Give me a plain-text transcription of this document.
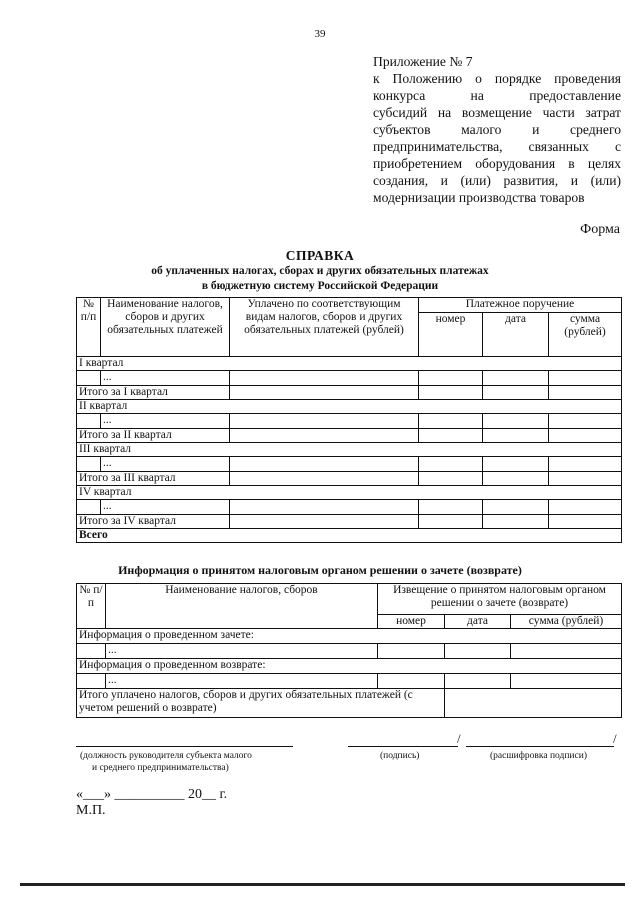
39
Приложение № 7
к Положению о порядке проведения
конкурса на предоставление
субсидий на возмещение части затрат
субъектов малого и среднего
предпринимательства, связанных с
приобретением оборудования в целях
создания, и (или) развития, и (или)
модернизации производства товаров
Форма
СПРАВКА
об уплаченных налогах, сборах и других обязательных платежах
в бюджетную систему Российской Федерации
№ п/п	Наименование налогов, сборов и других обязательных платежей	Уплачено по соответствующим видам налогов, сборов и других обязательных платежей (рублей)	Платежное поручение		
			номер	дата	сумма (рублей)
I квартал					
	...				
Итого за I квартал					
II квартал					
	...				
Итого за II квартал					
III квартал					
	...				
Итого за III квартал					
IV квартал					
	...				
Итого за IV квартал					
Всего					
Информация о принятом налоговым органом решении о зачете (возврате)
№ п/п	Наименование налогов, сборов	Извещение о принятом налоговым органом решении о зачете (возврате)		
		номер	дата	сумма (рублей)
Информация о проведенном зачете:				
	...			
Информация о проведенном возврате:				
	...			
Итого уплачено налогов, сборов и других обязательных платежей (с учетом решений о возврате)				
/	/
(должность руководителя субъекта малого
и среднего предпринимательства)
(подпись)	(расшифровка подписи)
«___» __________ 20__ г.
М.П.
